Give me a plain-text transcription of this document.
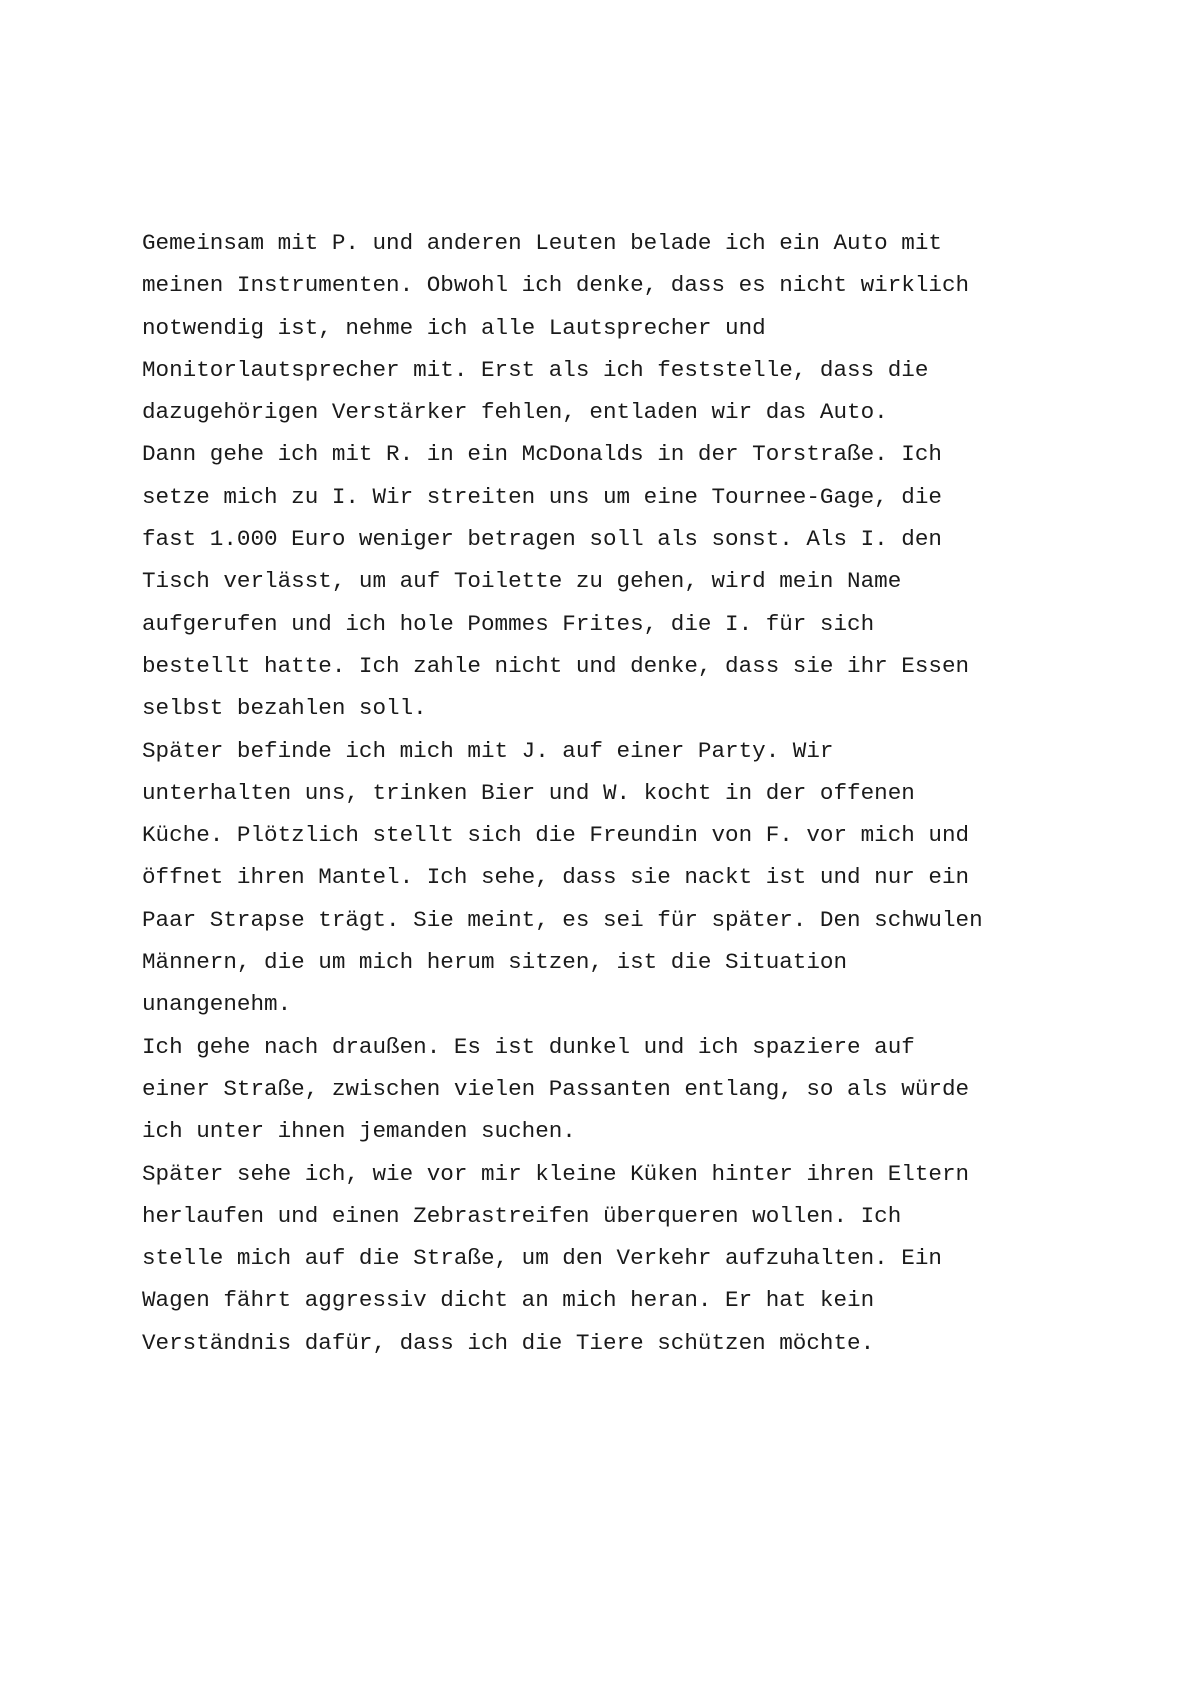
Gemeinsam mit P. und anderen Leuten belade ich ein Auto mit
meinen Instrumenten. Obwohl ich denke, dass es nicht wirklich
notwendig ist, nehme ich alle Lautsprecher und
Monitorlautsprecher mit. Erst als ich feststelle, dass die
dazugehörigen Verstärker fehlen, entladen wir das Auto.
Dann gehe ich mit R. in ein McDonalds in der Torstraße. Ich
setze mich zu I. Wir streiten uns um eine Tournee-Gage, die
fast 1.000 Euro weniger betragen soll als sonst. Als I. den
Tisch verlässt, um auf Toilette zu gehen, wird mein Name
aufgerufen und ich hole Pommes Frites, die I. für sich
bestellt hatte. Ich zahle nicht und denke, dass sie ihr Essen
selbst bezahlen soll.
Später befinde ich mich mit J. auf einer Party. Wir
unterhalten uns, trinken Bier und W. kocht in der offenen
Küche. Plötzlich stellt sich die Freundin von F. vor mich und
öffnet ihren Mantel. Ich sehe, dass sie nackt ist und nur ein
Paar Strapse trägt. Sie meint, es sei für später. Den schwulen
Männern, die um mich herum sitzen, ist die Situation
unangenehm.
Ich gehe nach draußen. Es ist dunkel und ich spaziere auf
einer Straße, zwischen vielen Passanten entlang, so als würde
ich unter ihnen jemanden suchen.
Später sehe ich, wie vor mir kleine Küken hinter ihren Eltern
herlaufen und einen Zebrastreifen überqueren wollen. Ich
stelle mich auf die Straße, um den Verkehr aufzuhalten. Ein
Wagen fährt aggressiv dicht an mich heran. Er hat kein
Verständnis dafür, dass ich die Tiere schützen möchte.
